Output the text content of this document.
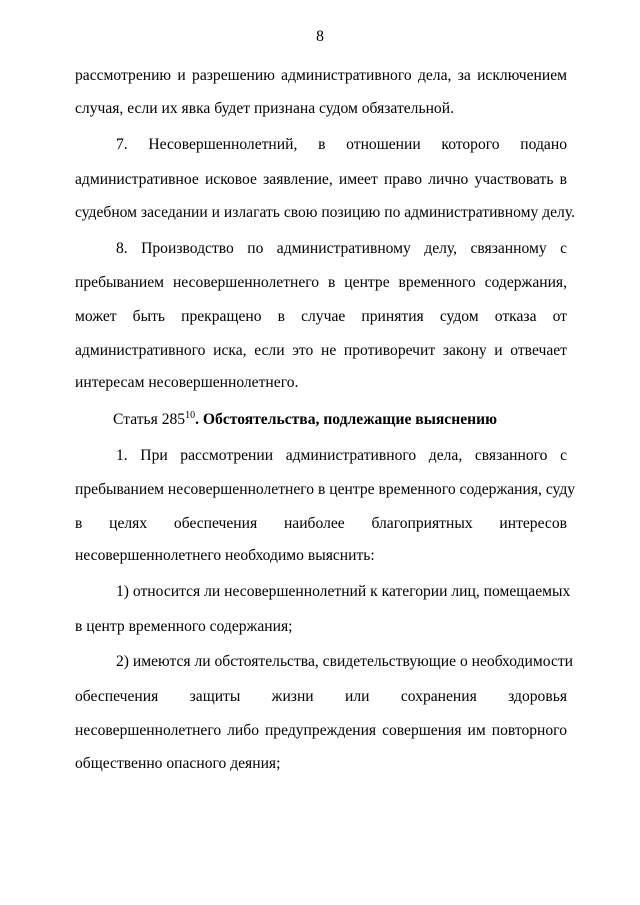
8
рассмотрению и разрешению административного дела, за исключением
случая, если их явка будет признана судом обязательной.
7. Несовершеннолетний, в отношении которого подано
административное исковое заявление, имеет право лично участвовать в
судебном заседании и излагать свою позицию по административному делу.
8. Производство по административному делу, связанному с
пребыванием несовершеннолетнего в центре временного содержания,
может быть прекращено в случае принятия судом отказа от
административного иска, если это не противоречит закону и отвечает
интересам несовершеннолетнего.
Статья $285^{10}$. Обстоятельства, подлежащие выяснению
1. При рассмотрении административного дела, связанного с
пребыванием несовершеннолетнего в центре временного содержания, суду
в целях обеспечения наиболее благоприятных интересов
несовершеннолетнего необходимо выяснить:
1) относится ли несовершеннолетний к категории лиц, помещаемых
в центр временного содержания;
2) имеются ли обстоятельства, свидетельствующие о необходимости
обеспечения защиты жизни или сохранения здоровья
несовершеннолетнего либо предупреждения совершения им повторного
общественно опасного деяния;
